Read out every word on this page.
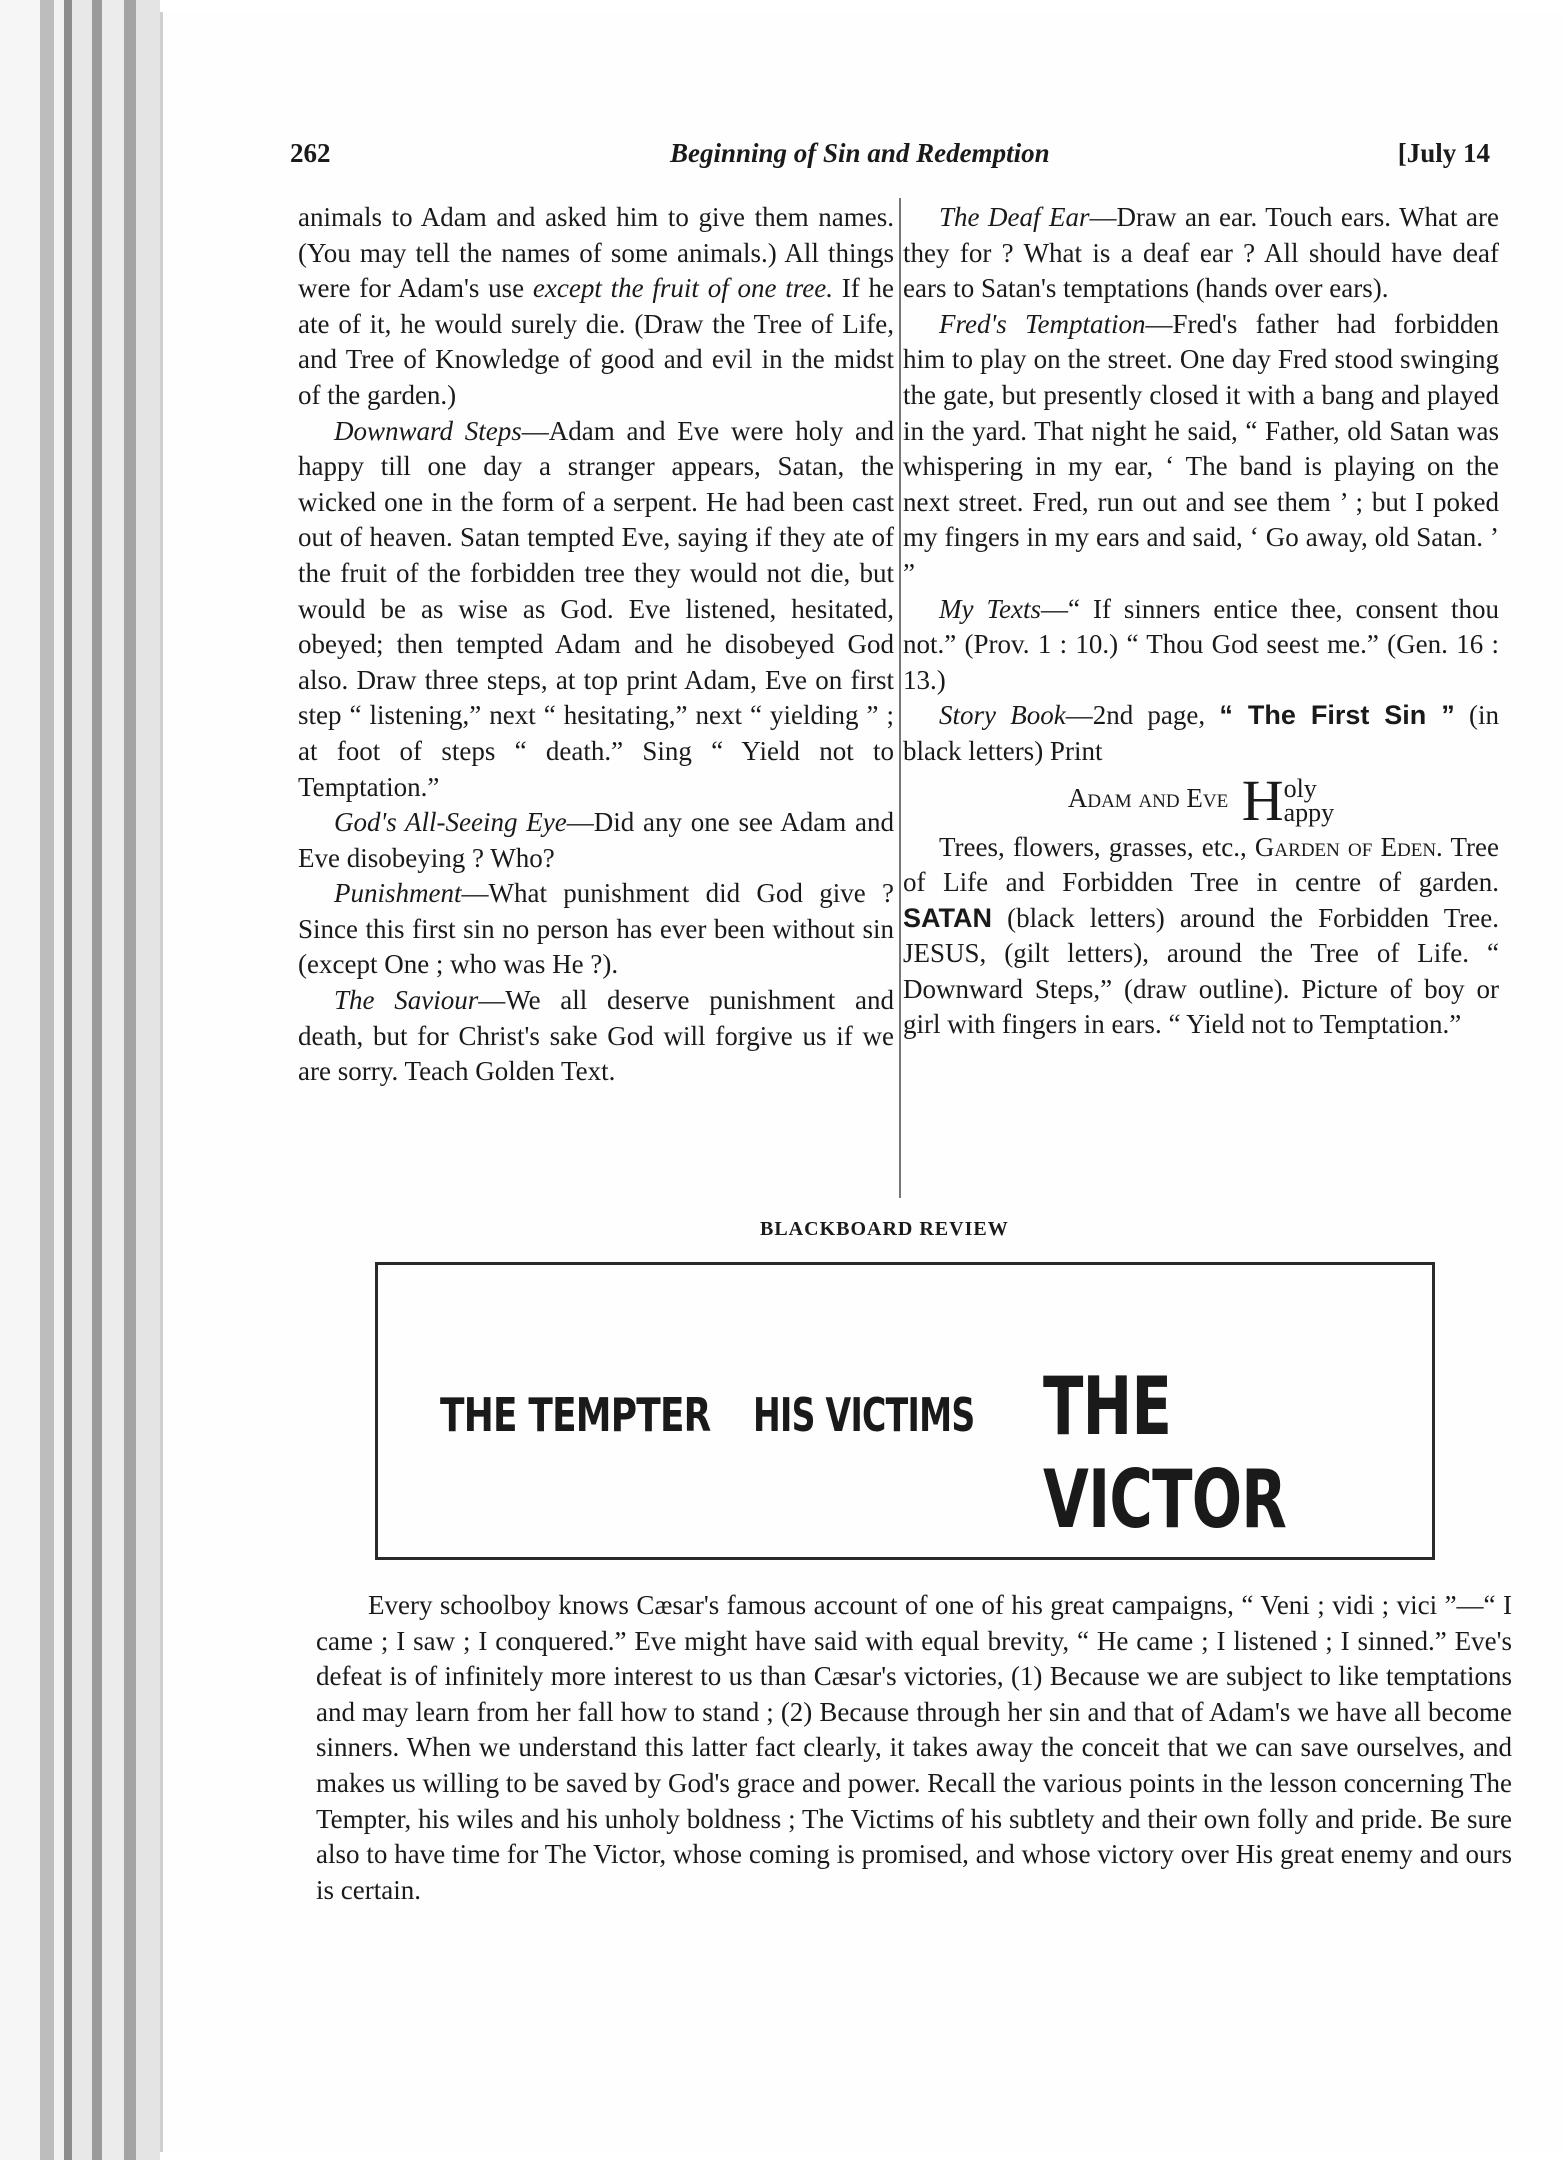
262	Beginning of Sin and Redemption	[July 14

animals to Adam and asked him to give them names. (You may tell the names of some animals.) All things were for Adam's use except the fruit of one tree. If he ate of it, he would surely die. (Draw the Tree of Life, and Tree of Knowledge of good and evil in the midst of the garden.)

Downward Steps—Adam and Eve were holy and happy till one day a stranger appears, Satan, the wicked one in the form of a serpent. He had been cast out of heaven. Satan tempted Eve, saying if they ate of the fruit of the forbidden tree they would not die, but would be as wise as God. Eve listened, hesitated, obeyed; then tempted Adam and he disobeyed God also. Draw three steps, at top print Adam, Eve on first step “ listening,” next “ hesitating,” next “ yielding ” ; at foot of steps “ death.” Sing “ Yield not to Temptation.”

God's All-Seeing Eye—Did any one see Adam and Eve disobeying ? Who?

Punishment—What punishment did God give ? Since this first sin no person has ever been without sin (except One ; who was He ?).

The Saviour—We all deserve punishment and death, but for Christ's sake God will forgive us if we are sorry. Teach Golden Text.

The Deaf Ear—Draw an ear. Touch ears. What are they for ? What is a deaf ear ? All should have deaf ears to Satan's temptations (hands over ears).

Fred's Temptation—Fred's father had forbidden him to play on the street. One day Fred stood swinging the gate, but presently closed it with a bang and played in the yard. That night he said, “ Father, old Satan was whispering in my ear, ‘ The band is playing on the next street. Fred, run out and see them ’ ; but I poked my fingers in my ears and said, ‘ Go away, old Satan. ’ ”

My Texts—“ If sinners entice thee, consent thou not.” (Prov. 1 : 10.) “ Thou God seest me.” (Gen. 16 : 13.)

Story Book—2nd page, “ The First Sin ” (in black letters) Print

Adam and Eve Holy
appy

Trees, flowers, grasses, etc., Garden of Eden. Tree of Life and Forbidden Tree in centre of garden. SATAN (black letters) around the Forbidden Tree. JESUS, (gilt letters), around the Tree of Life. “ Downward Steps,” (draw outline). Picture of boy or girl with fingers in ears. “ Yield not to Temptation.”

BLACKBOARD REVIEW
THE TEMPTER HIS VICTIMS THE VICTOR

Every schoolboy knows Cæsar's famous account of one of his great campaigns, “ Veni ; vidi ; vici ”—“ I came ; I saw ; I conquered.” Eve might have said with equal brevity, “ He came ; I listened ; I sinned.” Eve's defeat is of infinitely more interest to us than Cæsar's victories, (1) Because we are subject to like temptations and may learn from her fall how to stand ; (2) Because through her sin and that of Adam's we have all become sinners. When we understand this latter fact clearly, it takes away the conceit that we can save ourselves, and makes us willing to be saved by God's grace and power. Recall the various points in the lesson concerning The Tempter, his wiles and his unholy boldness ; The Victims of his subtlety and their own folly and pride. Be sure also to have time for The Victor, whose coming is promised, and whose victory over His great enemy and ours is certain.
